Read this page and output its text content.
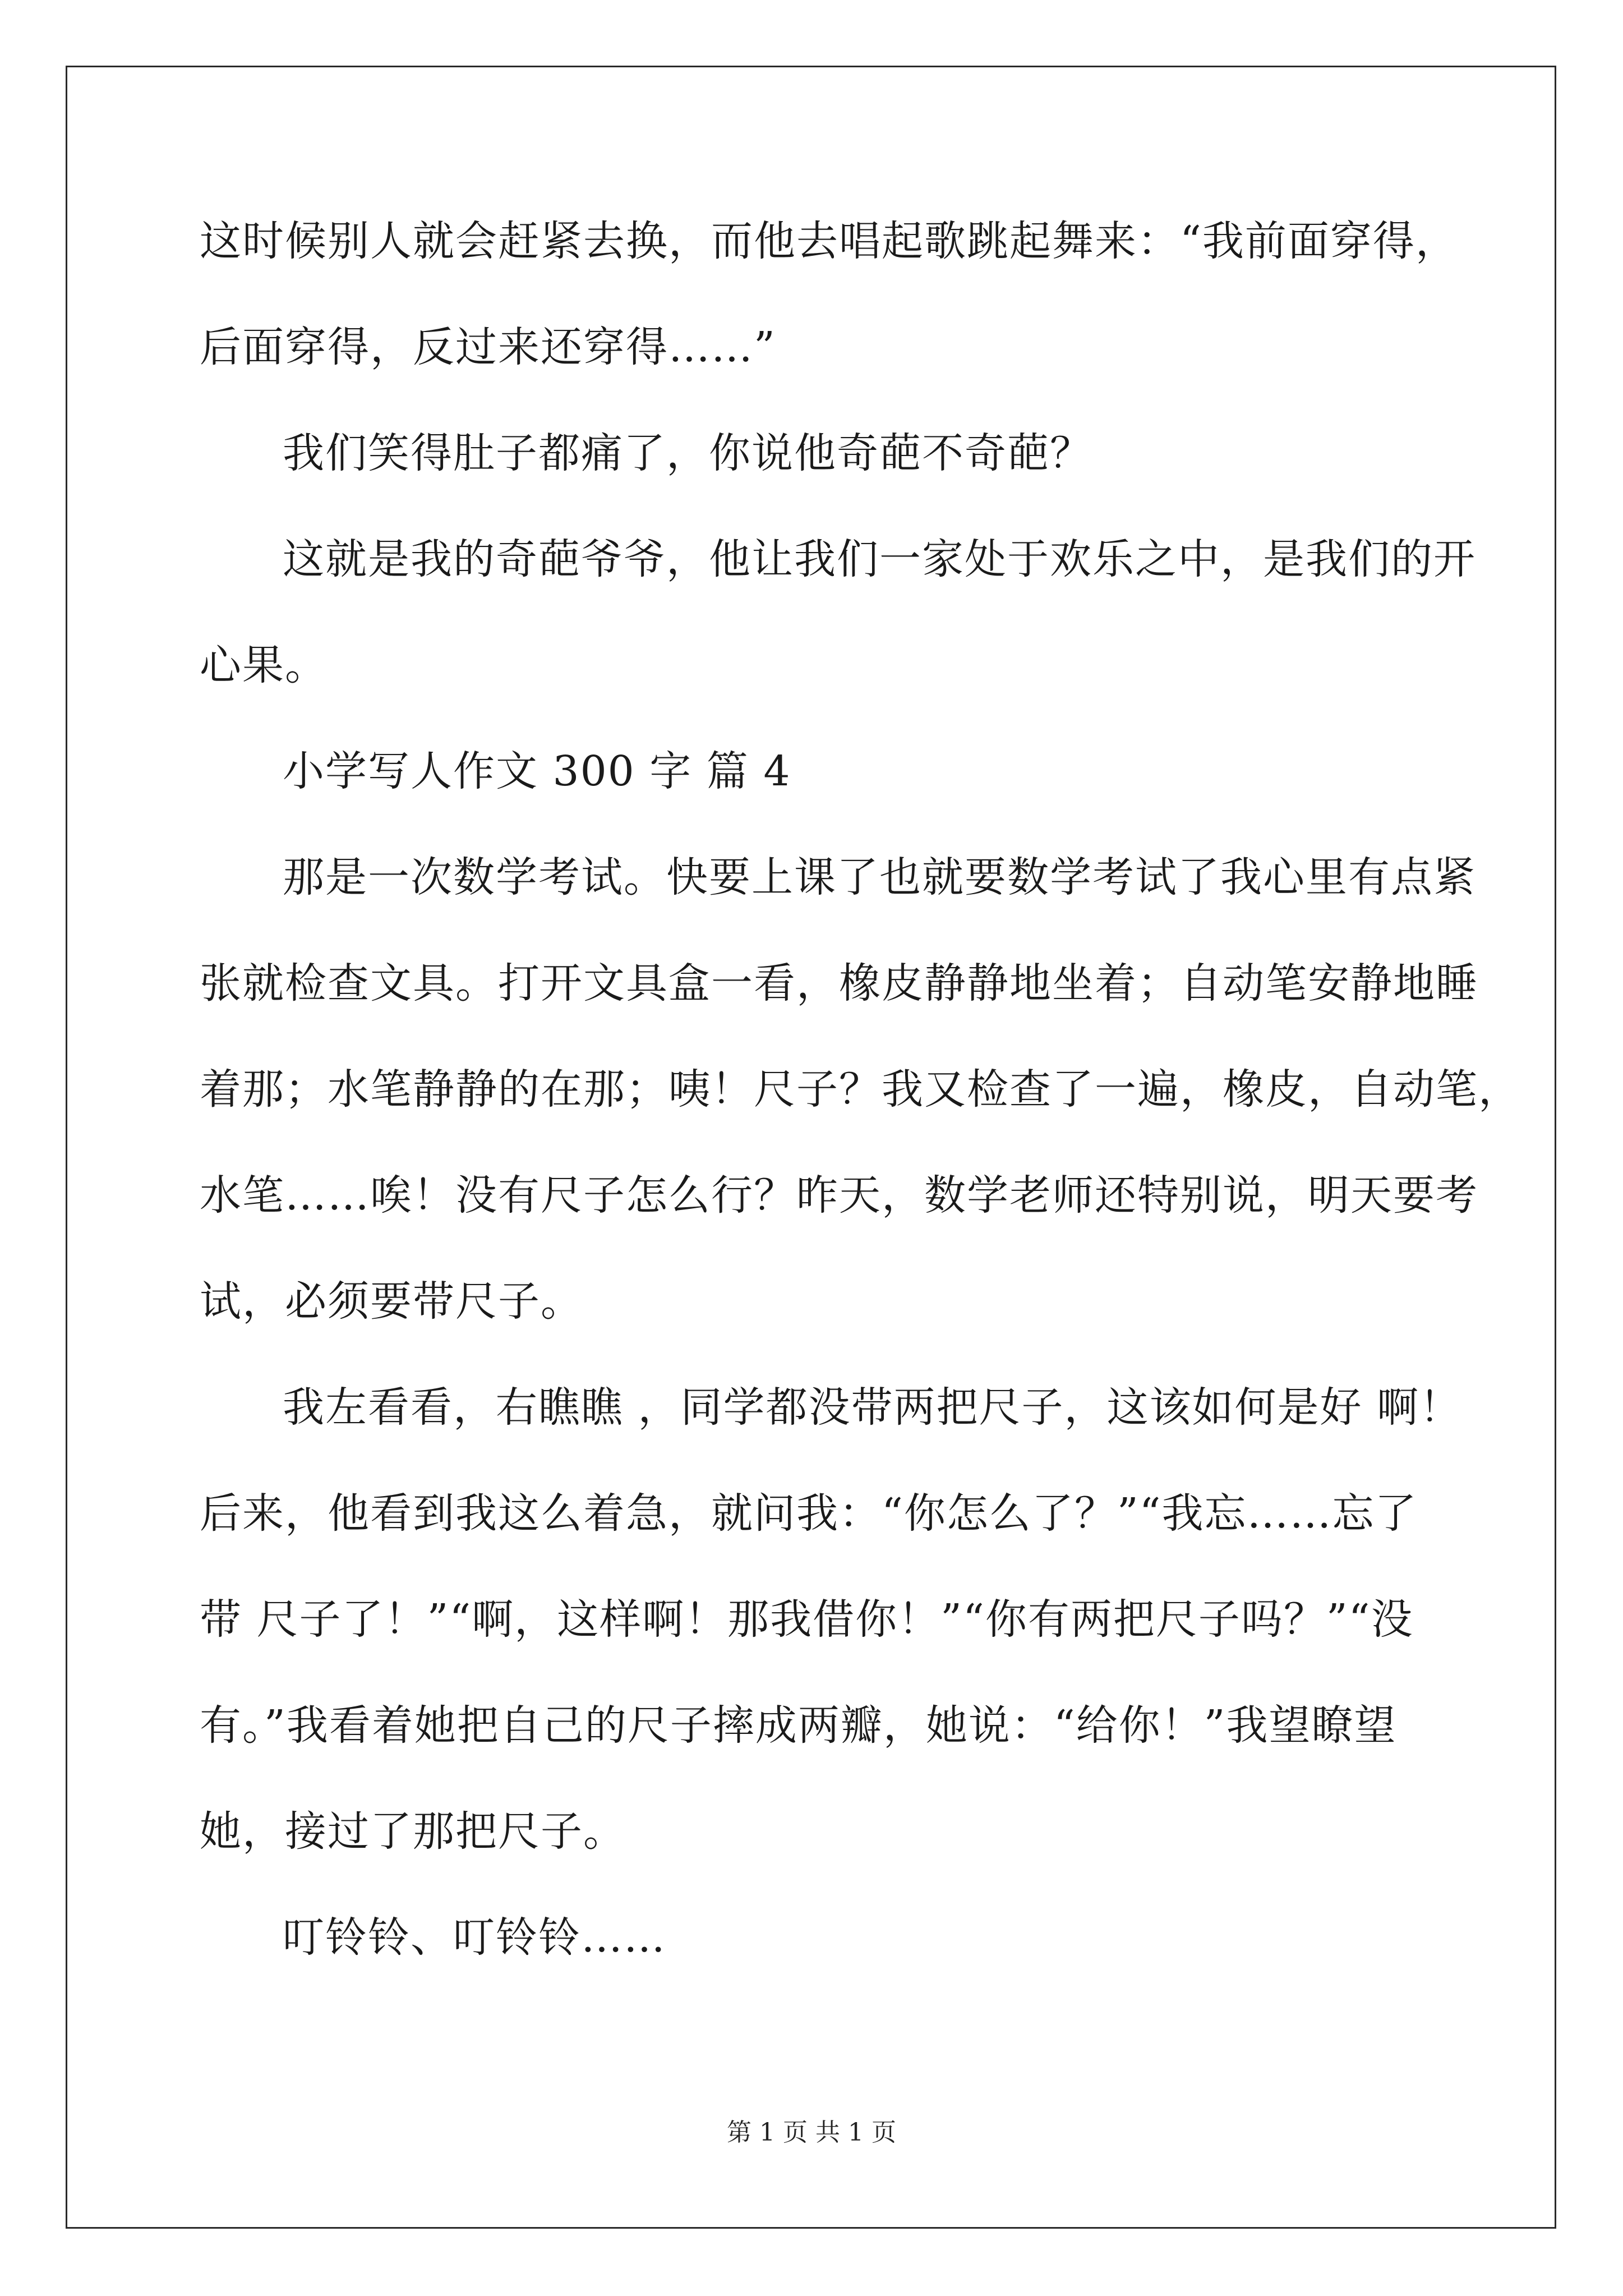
这时候别人就会赶紧去换，而他去唱起歌跳起舞来：“我前面穿得，
后面穿得，反过来还穿得……”
我们笑得肚子都痛了，你说他奇葩不奇葩？
这就是我的奇葩爷爷，他让我们一家处于欢乐之中，是我们的开
心果。
小学写人作文 300 字 篇 4
那是一次数学考试。快要上课了也就要数学考试了我心里有点紧
张就检查文具。打开文具盒一看，橡皮静静地坐着；自动笔安静地睡
着那；水笔静静的在那；咦！尺子？我又检查了一遍，橡皮，自动笔，
水笔……唉！没有尺子怎么行？昨天，数学老师还特别说，明天要考
试，必须要带尺子。
我左看看，右瞧瞧 ，同学都没带两把尺子，这该如何是好 啊！
后来，他看到我这么着急，就问我：“你怎么了？”“我忘……忘了
带 尺子了！”“啊，这样啊！那我借你！”“你有两把尺子吗？”“没
有。”我看着她把自己的尺子摔成两瓣，她说：“给你！”我望瞭望
她，接过了那把尺子。
叮铃铃、叮铃铃……
第 1 页 共 1 页
